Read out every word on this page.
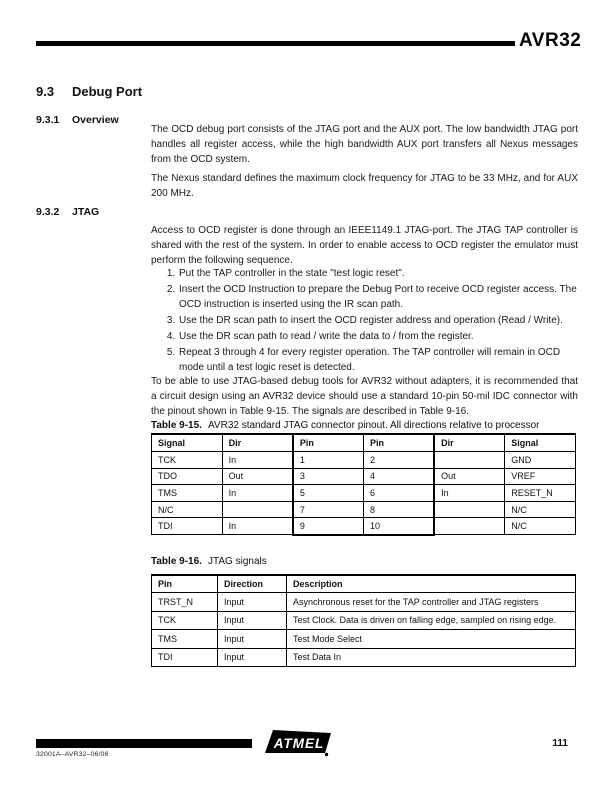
AVR32
9.3 Debug Port
9.3.1 Overview

The OCD debug port consists of the JTAG port and the AUX port. The low bandwidth JTAG port handles all register access, while the high bandwidth AUX port transfers all Nexus messages from the OCD system.

The Nexus standard defines the maximum clock frequency for JTAG to be 33 MHz, and for AUX 200 MHz.

9.3.2 JTAG

Access to OCD register is done through an IEEE1149.1 JTAG-port. The JTAG TAP controller is shared with the rest of the system. In order to enable access to OCD register the emulator must perform the following sequence.

1. Put the TAP controller in the state "test logic reset".
2. Insert the OCD Instruction to prepare the Debug Port to receive OCD register access. The OCD instruction is inserted using the IR scan path.
3. Use the DR scan path to insert the OCD register address and operation (Read / Write).
4. Use the DR scan path to read / write the data to / from the register.
5. Repeat 3 through 4 for every register operation. The TAP controller will remain in OCD mode until a test logic reset is detected.

To be able to use JTAG-based debug tools for AVR32 without adapters, it is recommended that a circuit design using an AVR32 device should use a standard 10-pin 50-mil IDC connector with the pinout shown in Table 9-15. The signals are described in Table 9-16.

Table 9-15. AVR32 standard JTAG connector pinout. All directions relative to processor
Signal	Dir	Pin	Pin	Dir	Signal
TCK	In	1	2		GND
TDO	Out	3	4	Out	VREF
TMS	In	5	6	In	RESET_N
N/C		7	8		N/C
TDI	In	9	10		N/C
Table 9-16. JTAG signals
Pin	Direction	Description
TRST_N	Input	Asynchronous reset for the TAP controller and JTAG registers
TCK	Input	Test Clock. Data is driven on falling edge, sampled on rising edge.
TMS	Input	Test Mode Select
TDI	Input	Test Data In
32001A–AVR32–06/06
111
ATMEL
